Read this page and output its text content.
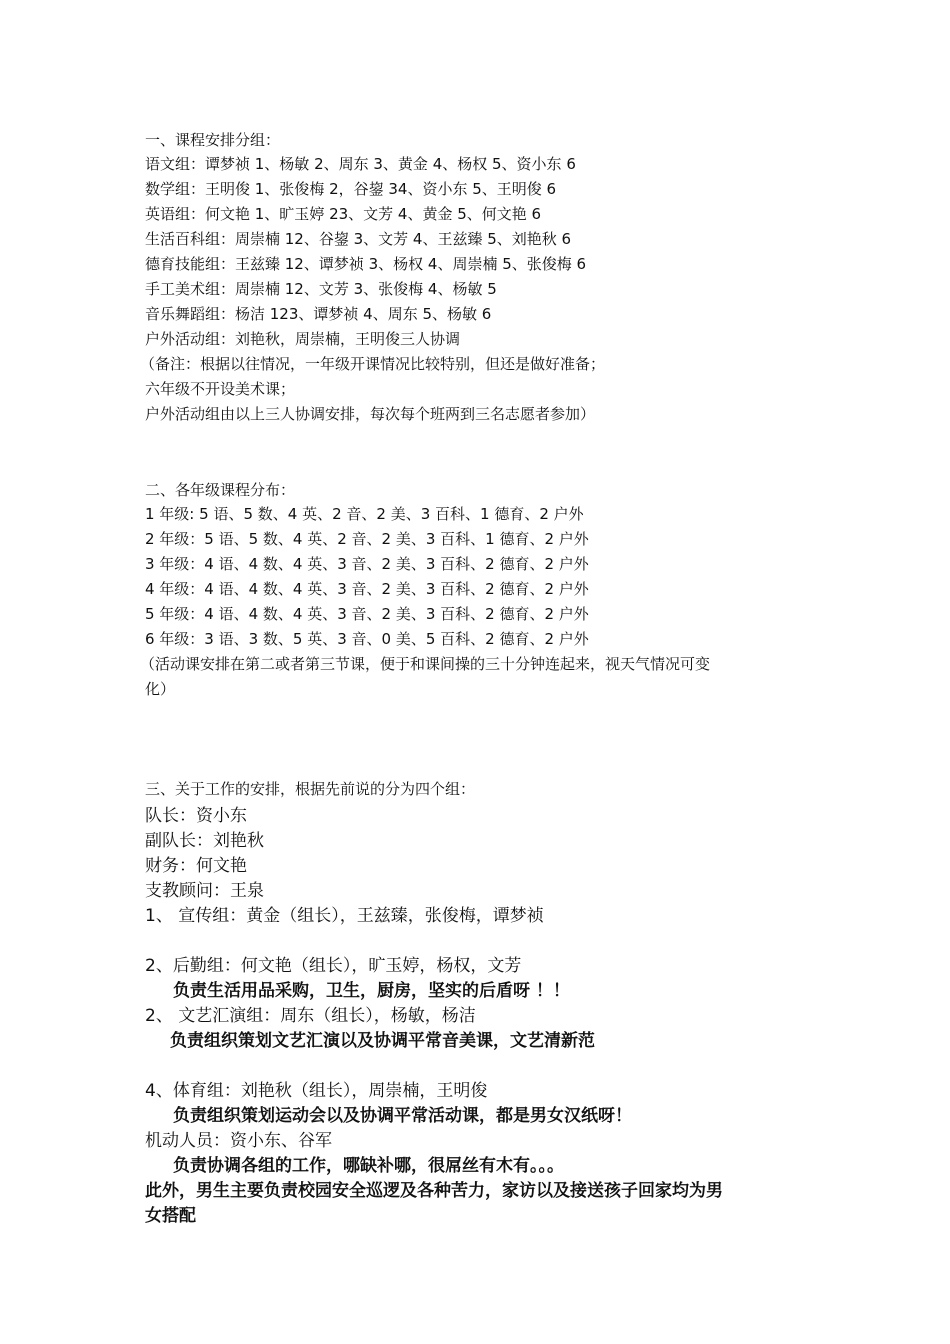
一、课程安排分组：
语文组：谭梦祯 1、杨敏 2、周东 3、黄金 4、杨权 5、资小东 6
数学组：王明俊 1、张俊梅 2，谷鋆 34、资小东 5、王明俊 6
英语组：何文艳 1、旷玉婷 23、文芳 4、黄金 5、何文艳 6
生活百科组：周崇楠 12、谷鋆 3、文芳 4、王兹臻 5、刘艳秋 6
德育技能组：王兹臻 12、谭梦祯 3、杨权 4、周崇楠 5、张俊梅 6
手工美术组：周崇楠 12、文芳 3、张俊梅 4、杨敏 5
音乐舞蹈组：杨洁 123、谭梦祯 4、周东 5、杨敏 6
户外活动组：刘艳秋，周崇楠，王明俊三人协调
（备注：根据以往情况，一年级开课情况比较特别，但还是做好准备；
六年级不开设美术课；
户外活动组由以上三人协调安排，每次每个班两到三名志愿者参加）
二、各年级课程分布：
1 年级: 5 语、5 数、4 英、2 音、2 美、3 百科、1 德育、2 户外
2 年级：5 语、5 数、4 英、2 音、2 美、3 百科、1 德育、2 户外
3 年级：4 语、4 数、4 英、3 音、2 美、3 百科、2 德育、2 户外
4 年级：4 语、4 数、4 英、3 音、2 美、3 百科、2 德育、2 户外
5 年级：4 语、4 数、4 英、3 音、2 美、3 百科、2 德育、2 户外
6 年级：3 语、3 数、5 英、3 音、0 美、5 百科、2 德育、2 户外
（活动课安排在第二或者第三节课，便于和课间操的三十分钟连起来，视天气情况可变
化）
三、关于工作的安排，根据先前说的分为四个组：
队长：资小东
副队长：刘艳秋
财务：何文艳
支教顾问：王泉
1、 宣传组：黄金（组长），王兹臻，张俊梅，谭梦祯
2、后勤组：何文艳（组长），旷玉婷，杨权，文芳
负责生活用品采购，卫生，厨房，坚实的后盾呀 ！！
2、 文艺汇演组：周东（组长），杨敏，杨洁
负责组织策划文艺汇演以及协调平常音美课，文艺清新范
4、体育组：刘艳秋（组长），周崇楠，王明俊
负责组织策划运动会以及协调平常活动课，都是男女汉纸呀！
机动人员：资小东、谷军
负责协调各组的工作，哪缺补哪，很屌丝有木有。。。
此外，男生主要负责校园安全巡逻及各种苦力，家访以及接送孩子回家均为男
女搭配
